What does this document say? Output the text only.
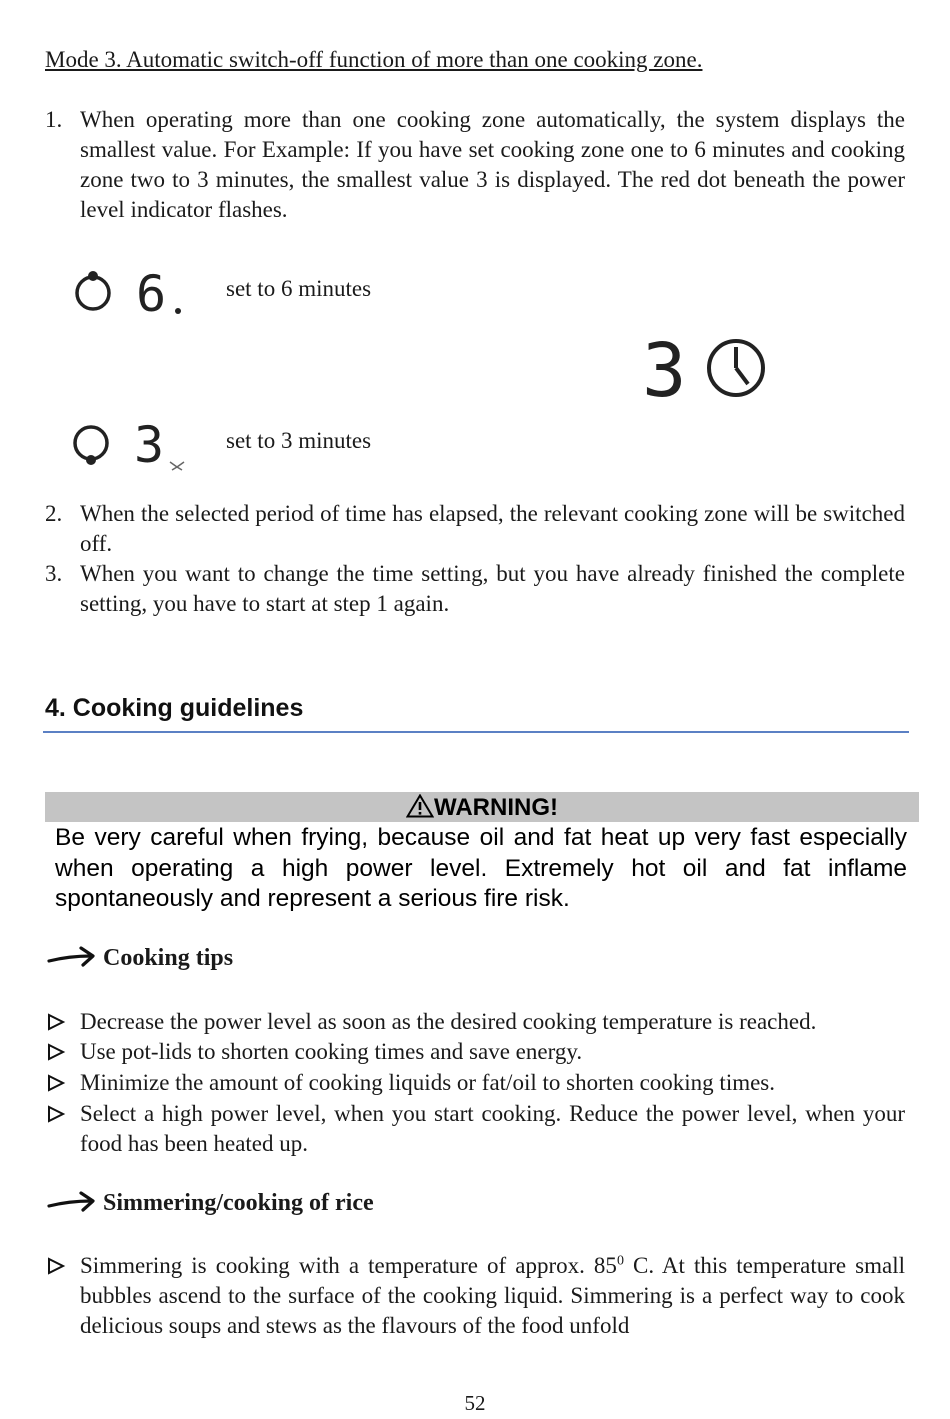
Mode 3. Automatic switch-off function of more than one cooking zone.
1. When operating more than one cooking zone automatically, the system displays the smallest value. For Example: If you have set cooking zone one to 6 minutes and cooking zone two to 3 minutes, the smallest value 3 is displayed. The red dot beneath the power level indicator flashes.
6	set to 6 minutes
3	set to 3 minutes
3
2. When the selected period of time has elapsed, the relevant cooking zone will be switched off.
3. When you want to change the time setting, but you have already finished the complete setting, you have to start at step 1 again.
4. Cooking guidelines
WARNING!
Be very careful when frying, because oil and fat heat up very fast especially when operating a high power level. Extremely hot oil and fat inflame spontaneously and represent a serious fire risk.
Cooking tips
Decrease the power level as soon as the desired cooking temperature is reached.
Use pot-lids to shorten cooking times and save energy.
Minimize the amount of cooking liquids or fat/oil to shorten cooking times.
Select a high power level, when you start cooking. Reduce the power level, when your food has been heated up.
Simmering/cooking of rice
Simmering is cooking with a temperature of approx. $85^0$ C. At this temperature small bubbles ascend to the surface of the cooking liquid. Simmering is a perfect way to cook delicious soups and stews as the flavours of the food unfold
52
